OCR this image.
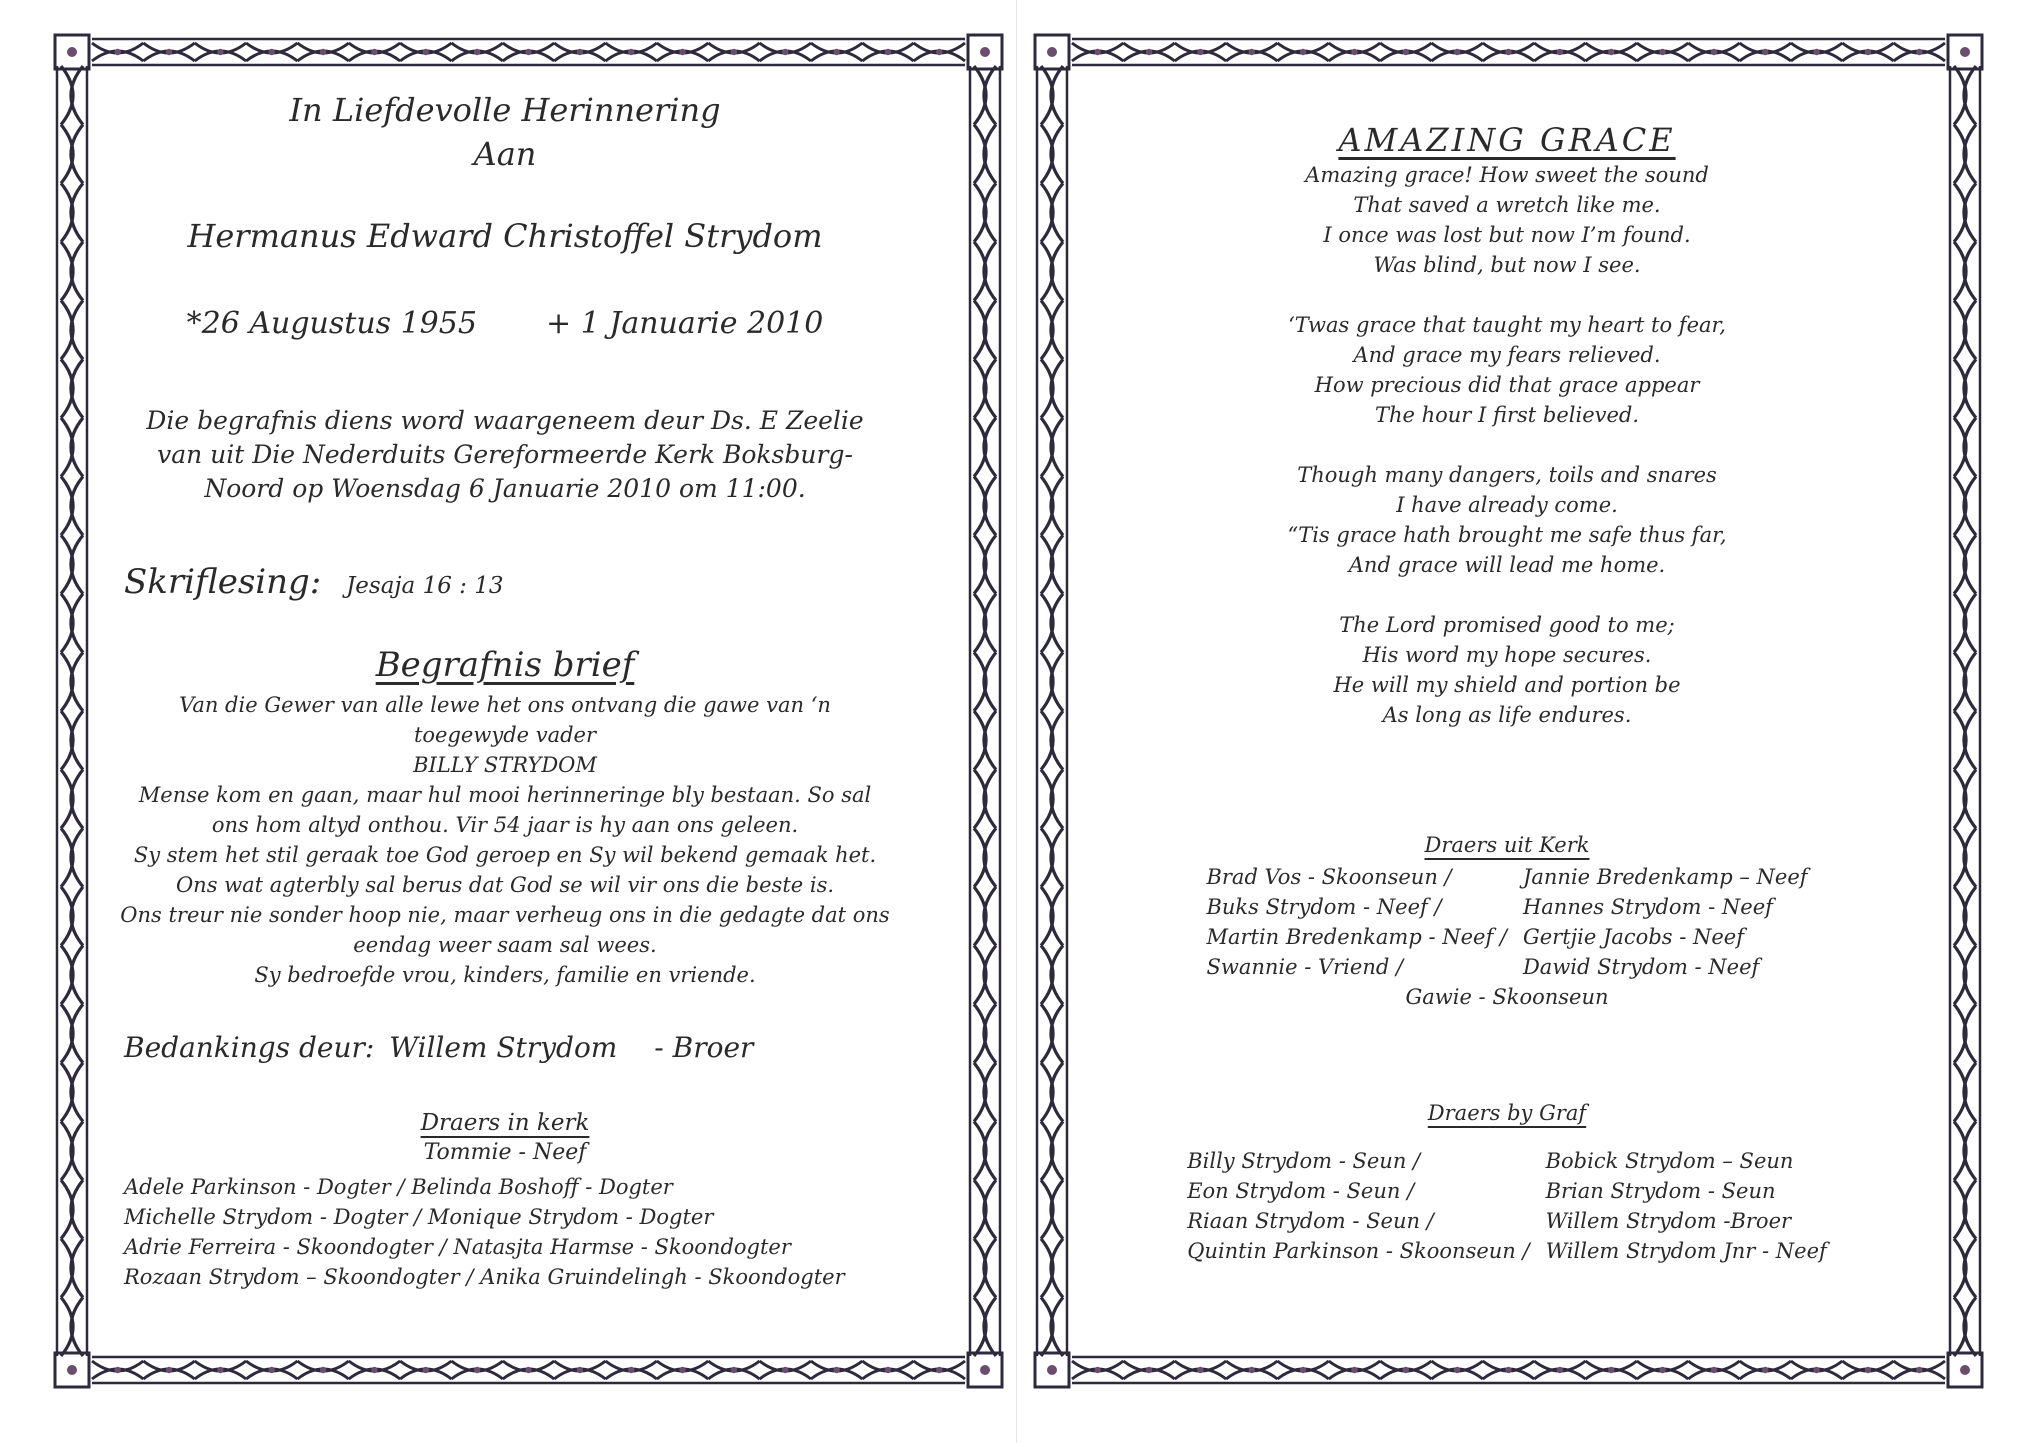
In Liefdevolle Herinnering
Aan
Hermanus Edward Christoffel Strydom
*26 Augustus 1955 + 1 Januarie 2010
Die begrafnis diens word waargeneem deur Ds. E Zeelie
van uit Die Nederduits Gereformeerde Kerk Boksburg-
Noord op Woensdag 6 Januarie 2010 om 11:00.
Skriflesing: Jesaja 16 : 13
Begrafnis brief
Van die Gewer van alle lewe het ons ontvang die gawe van ‘n
toegewyde vader
BILLY STRYDOM
Mense kom en gaan, maar hul mooi herinneringe bly bestaan. So sal
ons hom altyd onthou. Vir 54 jaar is hy aan ons geleen.
Sy stem het stil geraak toe God geroep en Sy wil bekend gemaak het.
Ons wat agterbly sal berus dat God se wil vir ons die beste is.
Ons treur nie sonder hoop nie, maar verheug ons in die gedagte dat ons
eendag weer saam sal wees.
Sy bedroefde vrou, kinders, familie en vriende.
Bedankings deur: Willem Strydom - Broer
Draers in kerk
Tommie - Neef
Adele Parkinson - Dogter / Belinda Boshoff - Dogter
Michelle Strydom - Dogter / Monique Strydom - Dogter
Adrie Ferreira - Skoondogter / Natasjta Harmse - Skoondogter
Rozaan Strydom – Skoondogter / Anika Gruindelingh - Skoondogter
AMAZING GRACE
Amazing grace! How sweet the sound
That saved a wretch like me.
I once was lost but now I’m found.
Was blind, but now I see.
‘Twas grace that taught my heart to fear,
And grace my fears relieved.
How precious did that grace appear
The hour I first believed.
Though many dangers, toils and snares
I have already come.
“Tis grace hath brought me safe thus far,
And grace will lead me home.
The Lord promised good to me;
His word my hope secures.
He will my shield and portion be
As long as life endures.
Draers uit Kerk
Brad Vos - Skoonseun /	Jannie Bredenkamp – Neef
Buks Strydom - Neef /	Hannes Strydom - Neef
Martin Bredenkamp - Neef / Gertjie Jacobs - Neef
Swannie - Vriend /	Dawid Strydom - Neef
Gawie - Skoonseun
Draers by Graf
Billy Strydom - Seun /	Bobick Strydom – Seun
Eon Strydom - Seun /	Brian Strydom - Seun
Riaan Strydom - Seun /	Willem Strydom -Broer
Quintin Parkinson - Skoonseun / Willem Strydom Jnr - Neef
